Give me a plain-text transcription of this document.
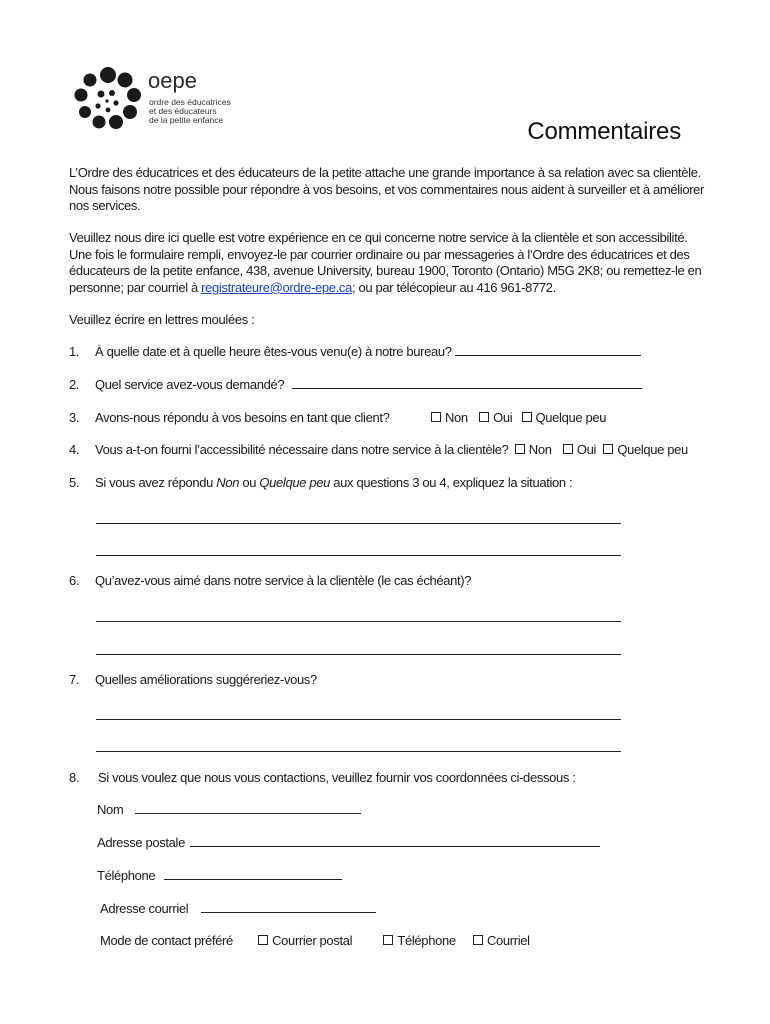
oepe
ordre des éducatrices
et des éducateurs
de la petite enfance	Commentaires
L’Ordre des éducatrices et des éducateurs de la petite attache une grande importance à sa relation avec sa clientèle. Nous faisons notre possible pour répondre à vos besoins, et vos commentaires nous aident à surveiller et à améliorer nos services.
Veuillez nous dire ici quelle est votre expérience en ce qui concerne notre service à la clientèle et son accessibilité. Une fois le formulaire rempli, envoyez-le par courrier ordinaire ou par messageries à l’Ordre des éducatrices et des éducateurs de la petite enfance, 438, avenue University, bureau 1900, Toronto (Ontario) M5G 2K8; ou remettez-le en personne; par courriel à registrateure@ordre-epe.ca; ou par télécopieur au 416 961-8772.
Veuillez écrire en lettres moulées :
1. À quelle date et à quelle heure êtes-vous venu(e) à notre bureau?
2. Quel service avez-vous demandé?
3. Avons-nous répondu à vos besoins en tant que client?	Non Oui Quelque peu
4. Vous a-t-on fourni l’accessibilité nécessaire dans notre service à la clientèle? Non Oui Quelque peu
5. Si vous avez répondu Non ou Quelque peu aux questions 3 ou 4, expliquez la situation :
6. Qu’avez-vous aimé dans notre service à la clientèle (le cas échéant)?
7. Quelles améliorations suggéreriez-vous?
8. Si vous voulez que nous vous contactions, veuillez fournir vos coordonnées ci-dessous :
Nom
Adresse postale
Téléphone
Adresse courriel
Mode de contact préféré	Courrier postal	Téléphone Courriel
